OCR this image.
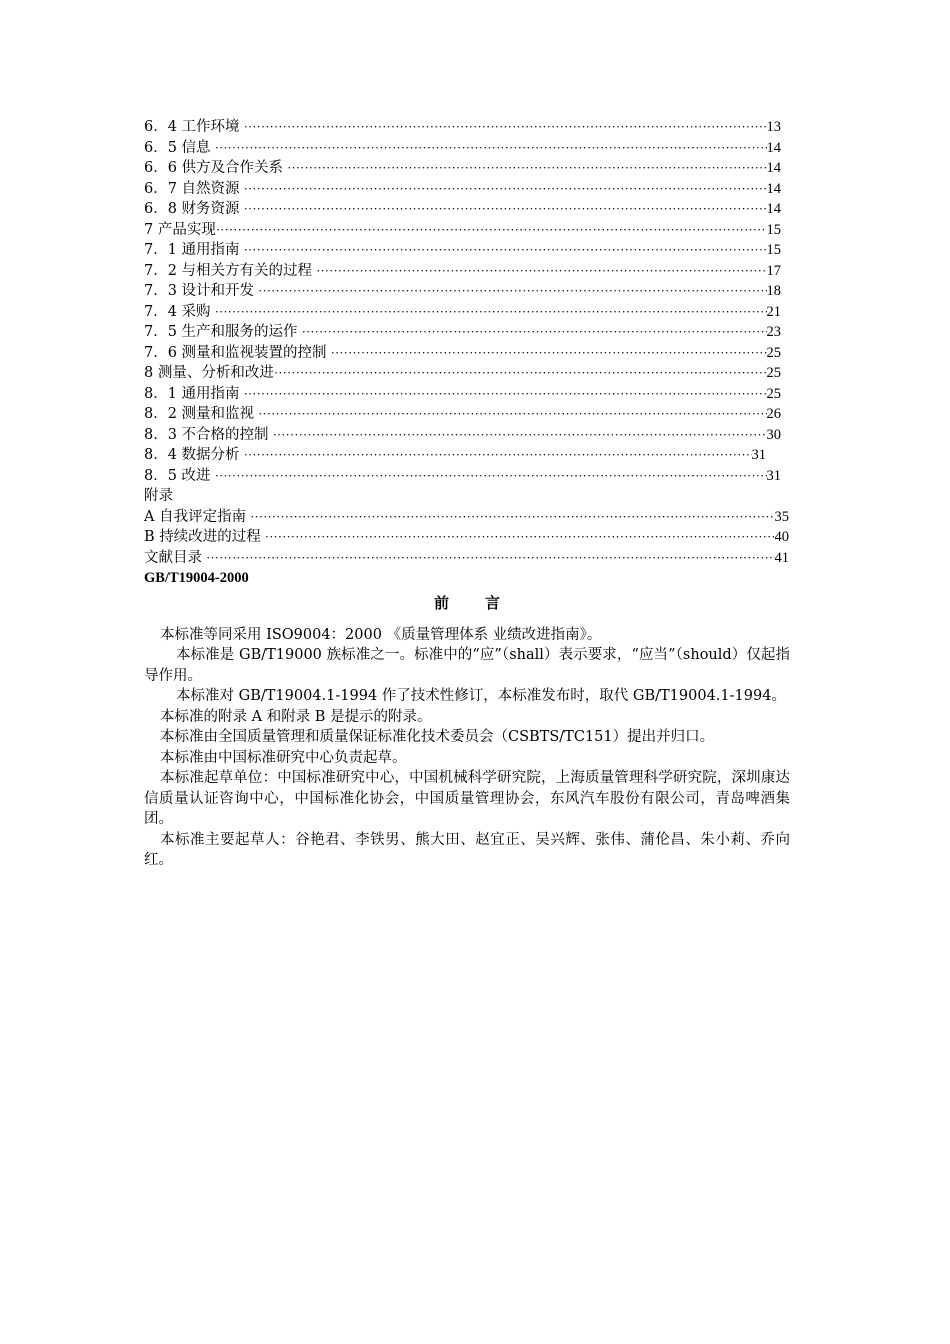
6．4 工作环境 ·····	13
6．5 信息 ·····	14
6．6 供方及合作关系 ·····	14
6．7 自然资源 ·····	14
6．8 财务资源 ·····	14
7 产品实现 ·····	15
7．1 通用指南 ·····	15
7．2 与相关方有关的过程 ·····	17
7．3 设计和开发 ·····	18
7．4 采购 ·····	21
7．5 生产和服务的运作 ·····	23
7．6 测量和监视装置的控制 ·····	25
8 测量、分析和改进 ·····	25
8．1 通用指南 ·····	25
8．2 测量和监视 ·····	26
8．3 不合格的控制 ·····	30
8．4 数据分析 ·····	31
8．5 改进 ·····	31
附录
A 自我评定指南 ·····	35
B 持续改进的过程 ·····	40
文献目录 ·····	41
GB/T19004-2000
前言
本标准等同采用 ISO9004：2000 《质量管理体系 业绩改进指南》。
本标准是 GB/T19000 族标准之一。标准中的“应”（shall）表示要求，“应当”（should）仅起指导作用。
本标准对 GB/T19004.1-1994 作了技术性修订，本标准发布时，取代 GB/T19004.1-1994。
本标准的附录 A 和附录 B 是提示的附录。
本标准由全国质量管理和质量保证标准化技术委员会（CSBTS/TC151）提出并归口。
本标准由中国标准研究中心负责起草。
本标准起草单位：中国标准研究中心，中国机械科学研究院，上海质量管理科学研究院，深圳康达信质量认证咨询中心，中国标准化协会，中国质量管理协会，东风汽车股份有限公司，青岛啤酒集团。
本标准主要起草人：谷艳君、李铁男、熊大田、赵宜正、吴兴辉、张伟、蒲伦昌、朱小莉、乔向红。
